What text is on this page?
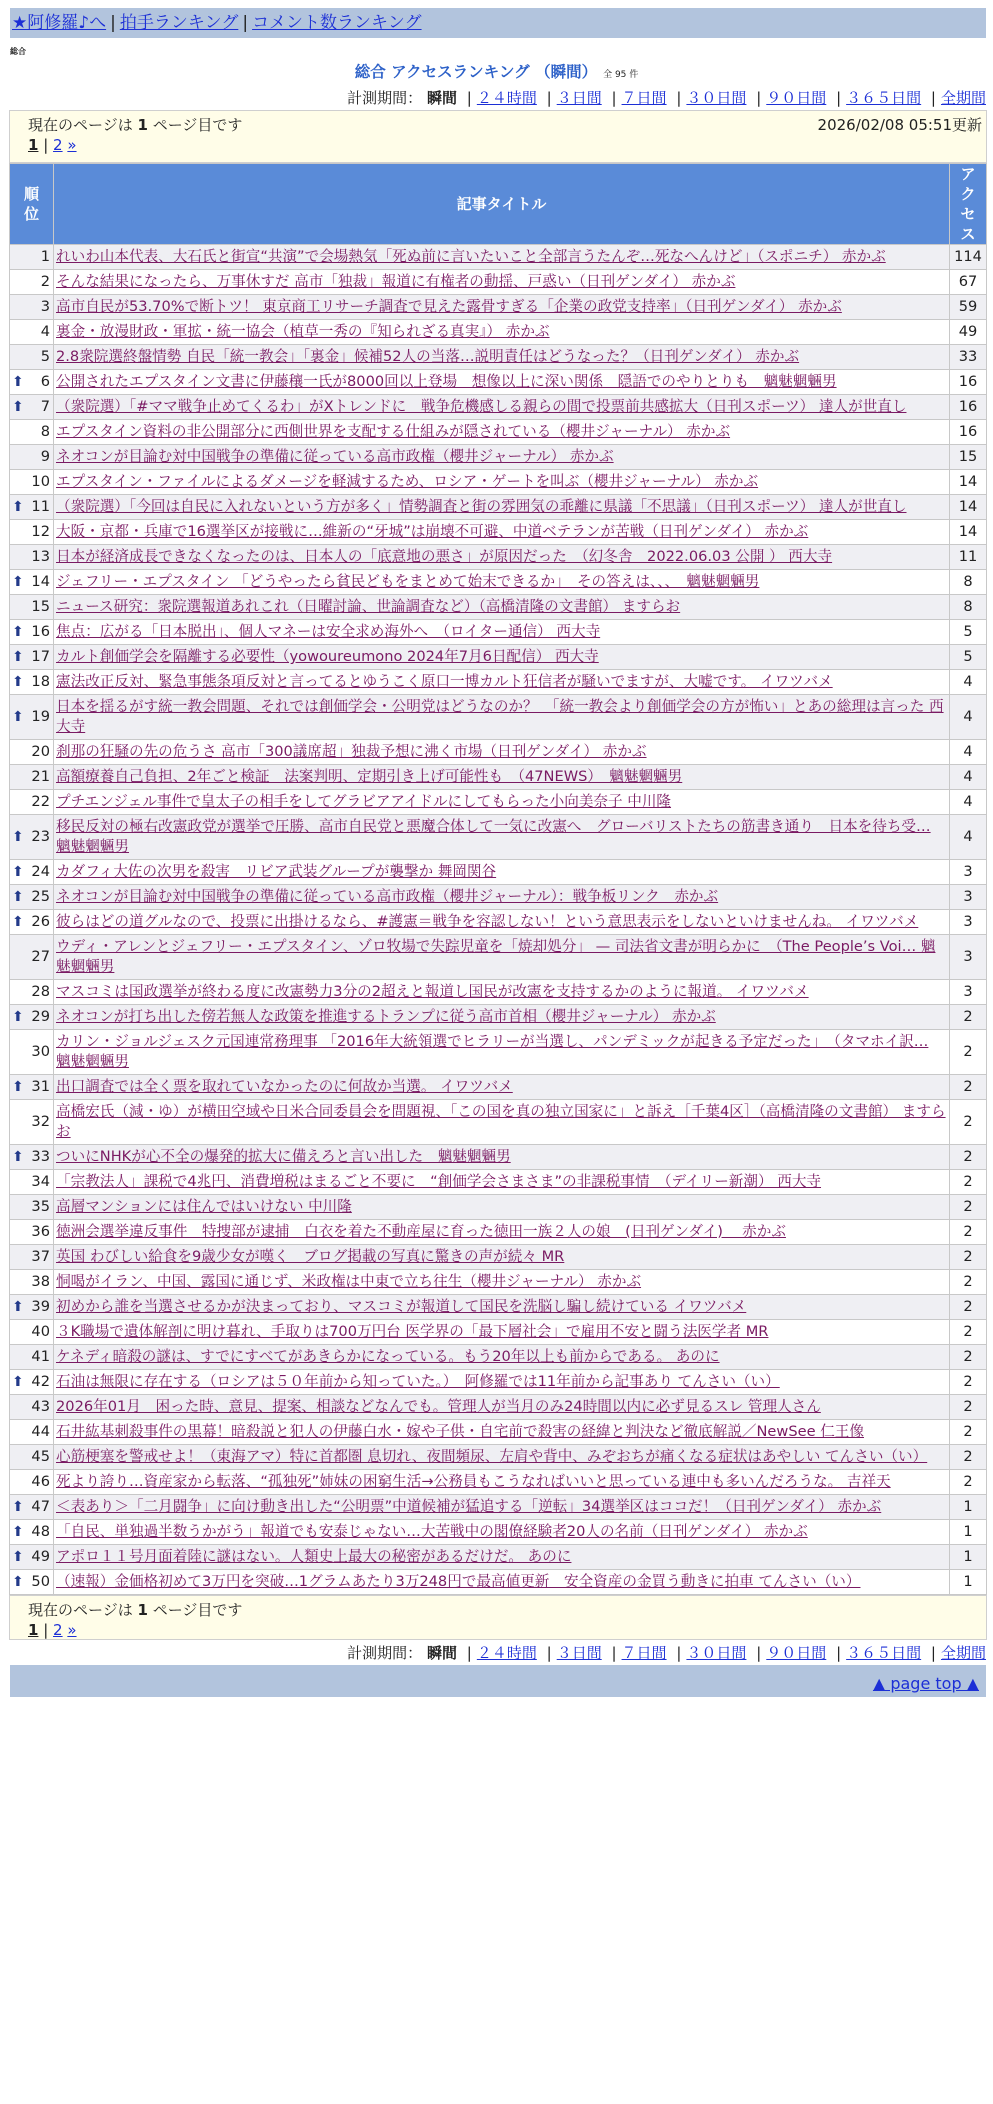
★阿修羅♪へ | 拍手ランキング | コメント数ランキング
総合
総合 アクセスランキング （瞬間） 全 95 件
計測期間： 瞬間 | ２４時間 | ３日間 | ７日間 | ３０日間 | ９０日間 | ３６５日間 | 全期間
現在のページは 1 ページ目です	2026/02/08 05:51更新
1 | 2 »
順位	記事タイトル	アクセス
1	れいわ山本代表、大石氏と街宣“共演”で会場熱気「死ぬ前に言いたいこと全部言うたんぞ…死なへんけど」（スポニチ） 赤かぶ	114
2	そんな結果になったら、万事休すだ 高市「独裁」報道に有権者の動揺、戸惑い（日刊ゲンダイ） 赤かぶ	67
3	高市自民が53.70%で断トツ！ 東京商工リサーチ調査で見えた露骨すぎる「企業の政党支持率」（日刊ゲンダイ） 赤かぶ	59
4	裏金・放漫財政・軍拡・統一協会（植草一秀の『知られざる真実』） 赤かぶ	49
5	2.8衆院選終盤情勢 自民「統一教会」「裏金」候補52人の当落…説明責任はどうなった？（日刊ゲンダイ） 赤かぶ	33

⬆ 6	公開されたエプスタイン文書に伊藤穰一氏が8000回以上登場　想像以上に深い関係　隠語でのやりとりも　魑魅魍魎男	16

⬆ 7	（衆院選）「#ママ戦争止めてくるわ」がXトレンドに　戦争危機感しる親らの間で投票前共感拡大（日刊スポーツ） 達人が世直し	16
8	エプスタイン資料の非公開部分に西側世界を支配する仕組みが隠されている（櫻井ジャーナル） 赤かぶ	16
9	ネオコンが目論む対中国戦争の準備に従っている高市政権（櫻井ジャーナル） 赤かぶ	15
10	エプスタイン・ファイルによるダメージを軽減するため、ロシア・ゲートを叫ぶ（櫻井ジャーナル） 赤かぶ	14

⬆ 11	（衆院選）「今回は自民に入れないという方が多く」情勢調査と街の雰囲気の乖離に県議「不思議」（日刊スポーツ） 達人が世直し	14
12	大阪・京都・兵庫で16選挙区が接戦に…維新の“牙城”は崩壊不可避、中道ベテランが苦戦（日刊ゲンダイ） 赤かぶ	14
13	日本が経済成長できなくなったのは、日本人の「底意地の悪さ」が原因だった　（幻冬舎　2022.06.03 公開 ） 西大寺	11

⬆ 14	ジェフリー・エプスタイン 「どうやったら貧民どもをまとめて始末できるか」　その答えは、、、　魑魅魍魎男	8
15	ニュース研究：衆院選報道あれこれ（日曜討論、世論調査など）（高橋清隆の文書館） ますらお	8

⬆ 16	焦点：広がる「日本脱出」、個人マネーは安全求め海外へ　（ロイター通信） 西大寺	5

⬆ 17	カルト創価学会を隔離する必要性（yowoureumono 2024年7月6日配信） 西大寺	5

⬆ 18	憲法改正反対、緊急事態条項反対と言ってるとゆうこく原口一博カルト狂信者が騒いでますが、大嘘です。 イワツバメ	4

⬆ 19	日本を揺るがす統一教会問題、それでは創価学会・公明党はどうなのか？　「統一教会より創価学会の方が怖い」とあの総理は言った 西大寺	4
20	刹那の狂騒の先の危うさ 高市「300議席超」独裁予想に沸く市場（日刊ゲンダイ） 赤かぶ	4
21	高額療養自己負担、2年ごと検証　法案判明、定期引き上げ可能性も　（47NEWS）　魑魅魍魎男	4
22	プチエンジェル事件で皇太子の相手をしてグラビアアイドルにしてもらった小向美奈子 中川隆	4

⬆ 23	移民反対の極右改憲政党が選挙で圧勝、高市自民党と悪魔合体して一気に改憲へ　グローバリストたちの筋書き通り　日本を待ち受… 魑魅魍魎男	4

⬆ 24	カダフィ大佐の次男を殺害　リビア武装グループが襲撃か 舞岡関谷	3

⬆ 25	ネオコンが目論む対中国戦争の準備に従っている高市政権（櫻井ジャーナル）：戦争板リンク　赤かぶ	3

⬆ 26	彼らはどの道グルなので、投票に出掛けるなら、#護憲＝戦争を容認しない！という意思表示をしないといけませんね。 イワツバメ	3
27	ウディ・アレンとジェフリー・エプスタイン、ゾロ牧場で失踪児童を「焼却処分」 — 司法省文書が明らかに　（The People’s Voi… 魑魅魍魎男	3
28	マスコミは国政選挙が終わる度に改憲勢力3分の2超えと報道し国民が改憲を支持するかのように報道。 イワツバメ	3

⬆ 29	ネオコンが打ち出した傍若無人な政策を推進するトランプに従う高市首相（櫻井ジャーナル） 赤かぶ	2
30	カリン・ジョルジェスク元国連常務理事 「2016年大統領選でヒラリーが当選し、パンデミックが起きる予定だった」　（タマホイ訳… 魑魅魍魎男	2

⬆ 31	出口調査では全く票を取れていなかったのに何故か当選。 イワツバメ	2
32	高橋宏氏（減・ゆ）が横田空域や日米合同委員会を問題視、「この国を真の独立国家に」と訴え［千葉4区］（高橋清隆の文書館） ますらお	2

⬆ 33	ついにNHKが心不全の爆発的拡大に備えろと言い出した　魑魅魍魎男	2
34	「宗教法人」課税で4兆円、消費増税はまるごと不要に　“創価学会さまさま”の非課税事情　（デイリー新潮） 西大寺	2
35	高層マンションには住んではいけない 中川隆	2
36	徳洲会選挙違反事件　特捜部が逮捕　白衣を着た不動産屋に育った徳田一族２人の娘　(日刊ゲンダイ)　 赤かぶ	2
37	英国 わびしい給食を9歳少女が嘆く　ブログ掲載の写真に驚きの声が続々 MR	2
38	恫喝がイラン、中国、露国に通じず、米政権は中東で立ち往生（櫻井ジャーナル） 赤かぶ	2

⬆ 39	初めから誰を当選させるかが決まっており、マスコミが報道して国民を洗脳し騙し続けている イワツバメ	2
40	３K職場で遺体解剖に明け暮れ、手取りは700万円台 医学界の「最下層社会」で雇用不安と闘う法医学者 MR	2
41	ケネディ暗殺の謎は、すでにすべてがあきらかになっている。もう20年以上も前からである。 あのに	2

⬆ 42	石油は無限に存在する（ロシアは５０年前から知っていた。）　阿修羅では11年前から記事あり てんさい（い）	2
43	2026年01月　困った時、意見、提案、相談などなんでも。管理人が当月のみ24時間以内に必ず見るスレ 管理人さん	2
44	石井紘基刺殺事件の黒幕！暗殺説と犯人の伊藤白水・嫁や子供・自宅前で殺害の経緯と判決など徹底解説／NewSee 仁王像	2
45	心筋梗塞を警戒せよ！（東海アマ）特に首都圏 息切れ、夜間頻尿、左肩や背中、みぞおちが痛くなる症状はあやしい てんさい（い）	2
46	死より誇り…資産家から転落、“孤独死”姉妹の困窮生活→公務員もこうなればいいと思っている連中も多いんだろうな。 吉祥天	2

⬆ 47	＜表あり＞「二月闘争」に向け動き出した“公明票”中道候補が猛追する「逆転」34選挙区はココだ！（日刊ゲンダイ） 赤かぶ	1

⬆ 48	「自民、単独過半数うかがう」報道でも安泰じゃない…大苦戦中の閣僚経験者20人の名前（日刊ゲンダイ） 赤かぶ	1

⬆ 49	アポロ１１号月面着陸に謎はない。人類史上最大の秘密があるだけだ。 あのに	1

⬆ 50	（速報）金価格初めて3万円を突破…1グラムあたり3万248円で最高値更新　安全資産の金買う動きに拍車 てんさい（い）	1
現在のページは 1 ページ目です
1 | 2 »
計測期間： 瞬間 | ２４時間 | ３日間 | ７日間 | ３０日間 | ９０日間 | ３６５日間 | 全期間
▲ page top ▲
